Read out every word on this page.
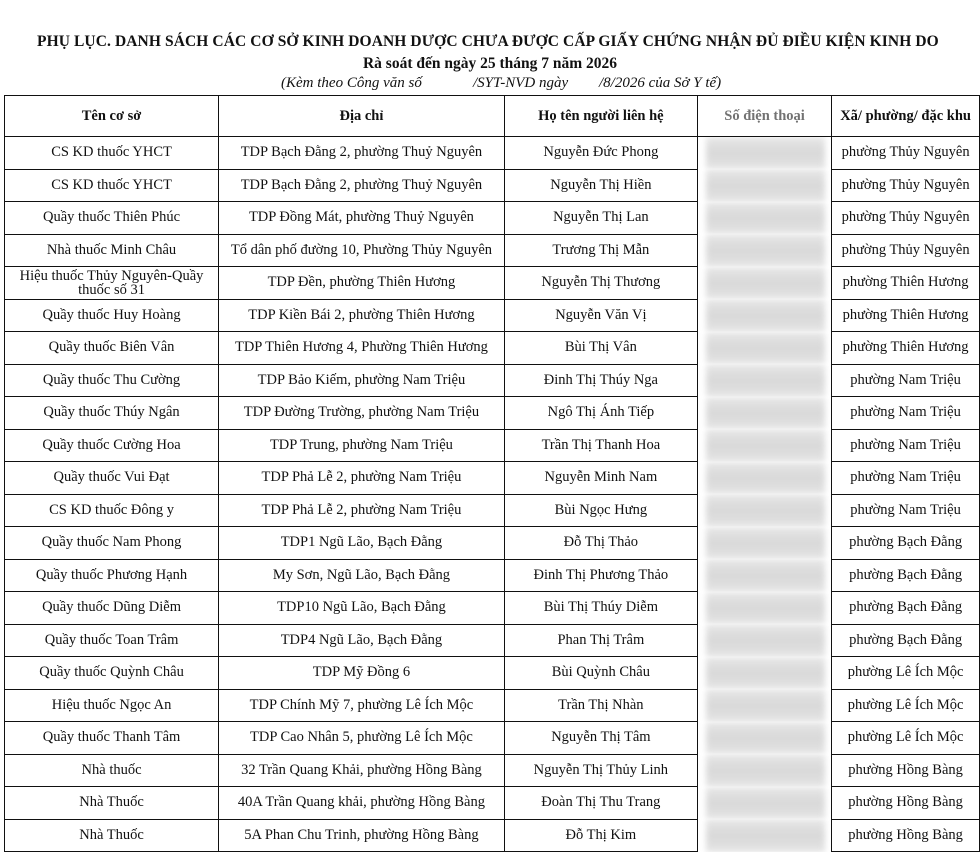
PHỤ LỤC. DANH SÁCH CÁC CƠ SỞ KINH DOANH DƯỢC CHƯA ĐƯỢC CẤP GIẤY CHỨNG NHẬN ĐỦ ĐIỀU KIỆN KINH DO
Rà soát đến ngày 25 tháng 7 năm 2026
(Kèm theo Công văn số	/SYT-NVD ngày /8/2026 của Sở Y tế)
Tên cơ sở	Địa chỉ	Họ tên người liên hệ	Số điện thoại	Xã/ phường/ đặc khu
CS KD thuốc YHCT	TDP Bạch Đằng 2, phường Thuỷ Nguyên	Nguyễn Đức Phong		phường Thủy Nguyên
CS KD thuốc YHCT	TDP Bạch Đằng 2, phường Thuỷ Nguyên	Nguyễn Thị Hiền		phường Thủy Nguyên
Quầy thuốc Thiên Phúc	TDP Đồng Mát, phường Thuỷ Nguyên	Nguyễn Thị Lan		phường Thủy Nguyên
Nhà thuốc Minh Châu	Tổ dân phố đường 10, Phường Thủy Nguyên	Trương Thị Mẫn		phường Thủy Nguyên
Hiệu thuốc Thủy Nguyên-Quầy thuốc số 31	TDP Đền, phường Thiên Hương	Nguyễn Thị Thương		phường Thiên Hương
Quầy thuốc Huy Hoàng	TDP Kiền Bái 2, phường Thiên Hương	Nguyễn Văn Vị		phường Thiên Hương
Quầy thuốc Biên Vân	TDP Thiên Hương 4, Phường Thiên Hương	Bùi Thị Vân		phường Thiên Hương
Quầy thuốc Thu Cường	TDP Bảo Kiếm, phường Nam Triệu	Đinh Thị Thúy Nga		phường Nam Triệu
Quầy thuốc Thúy Ngân	TDP Đường Trường, phường Nam Triệu	Ngô Thị Ánh Tiếp		phường Nam Triệu
Quầy thuốc Cường Hoa	TDP Trung, phường Nam Triệu	Trần Thị Thanh Hoa		phường Nam Triệu
Quầy thuốc Vui Đạt	TDP Phả Lễ 2, phường Nam Triệu	Nguyễn Minh Nam		phường Nam Triệu
CS KD thuốc Đông y	TDP Phả Lễ 2, phường Nam Triệu	Bùi Ngọc Hưng		phường Nam Triệu
Quầy thuốc Nam Phong	TDP1 Ngũ Lão, Bạch Đằng	Đỗ Thị Thảo		phường Bạch Đằng
Quầy thuốc Phương Hạnh	My Sơn, Ngũ Lão, Bạch Đằng	Đinh Thị Phương Thảo		phường Bạch Đằng
Quầy thuốc Dũng Diễm	TDP10 Ngũ Lão, Bạch Đằng	Bùi Thị Thúy Diễm		phường Bạch Đằng
Quầy thuốc Toan Trâm	TDP4 Ngũ Lão, Bạch Đằng	Phan Thị Trâm		phường Bạch Đằng
Quầy thuốc Quỳnh Châu	TDP Mỹ Đồng 6	Bùi Quỳnh Châu		phường Lê Ích Mộc
Hiệu thuốc Ngọc An	TDP Chính Mỹ 7, phường Lê Ích Mộc	Trần Thị Nhàn		phường Lê Ích Mộc
Quầy thuốc Thanh Tâm	TDP Cao Nhân 5, phường Lê Ích Mộc	Nguyễn Thị Tâm		phường Lê Ích Mộc
Nhà thuốc	32 Trần Quang Khải, phường Hồng Bàng	Nguyễn Thị Thủy Linh		phường Hồng Bàng
Nhà Thuốc	40A Trần Quang khải, phường Hồng Bàng	Đoàn Thị Thu Trang		phường Hồng Bàng
Nhà Thuốc	5A Phan Chu Trinh, phường Hồng Bàng	Đỗ Thị Kim		phường Hồng Bàng
